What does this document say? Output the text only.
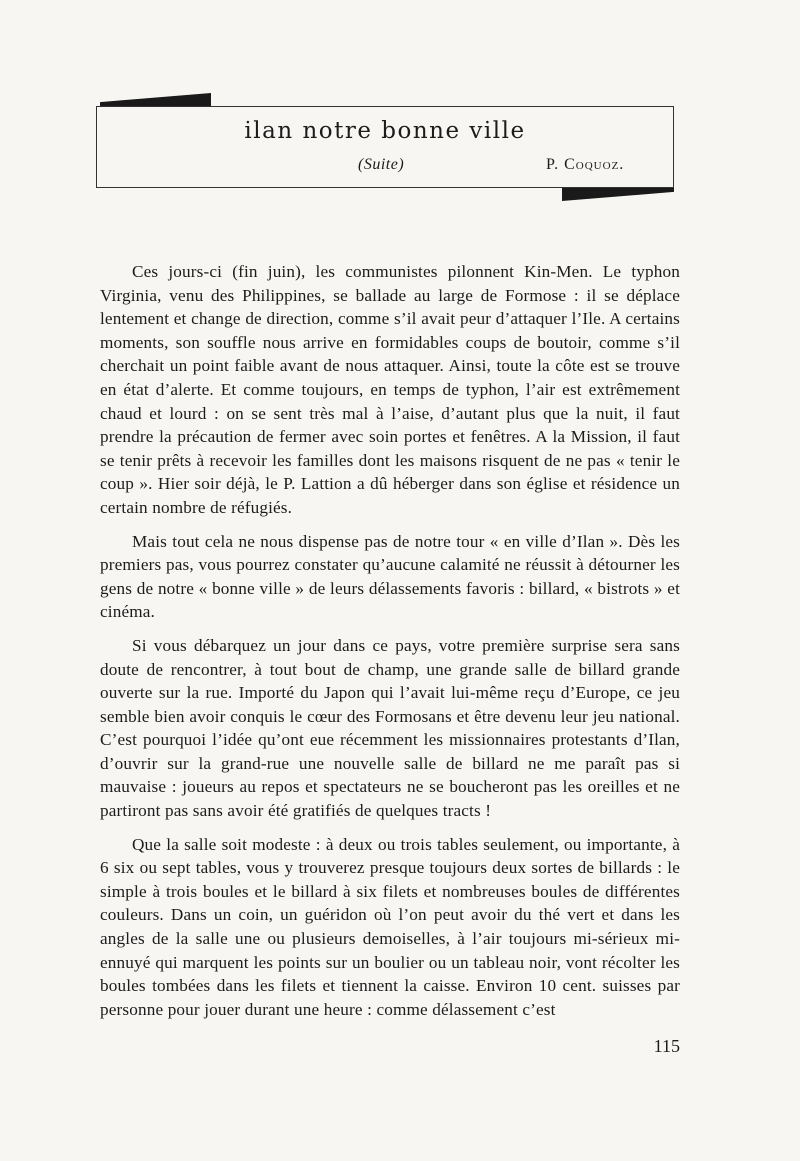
ilan notre bonne ville
(Suite)	P. Coquoz.

Ces jours-ci (fin juin), les communistes pilonnent Kin-Men. Le typhon Virginia, venu des Philippines, se ballade au large de Formose : il se déplace lentement et change de direction, comme s’il avait peur d’attaquer l’Ile. A certains moments, son souffle nous arrive en formidables coups de boutoir, comme s’il cherchait un point faible avant de nous attaquer. Ainsi, toute la côte est se trouve en état d’alerte. Et comme toujours, en temps de typhon, l’air est extrêmement chaud et lourd : on se sent très mal à l’aise, d’autant plus que la nuit, il faut prendre la précaution de fermer avec soin portes et fenêtres. A la Mission, il faut se tenir prêts à recevoir les familles dont les maisons risquent de ne pas « tenir le coup ». Hier soir déjà, le P. Lattion a dû héberger dans son église et résidence un certain nombre de réfugiés.

Mais tout cela ne nous dispense pas de notre tour « en ville d’Ilan ». Dès les premiers pas, vous pourrez constater qu’aucune calamité ne réussit à détourner les gens de notre « bonne ville » de leurs délassements favoris : billard, « bistrots » et cinéma.

Si vous débarquez un jour dans ce pays, votre première surprise sera sans doute de rencontrer, à tout bout de champ, une grande salle de billard grande ouverte sur la rue. Importé du Japon qui l’avait lui-même reçu d’Europe, ce jeu semble bien avoir conquis le cœur des Formosans et être devenu leur jeu national. C’est pourquoi l’idée qu’ont eue récemment les missionnaires protestants d’Ilan, d’ouvrir sur la grand-rue une nouvelle salle de billard ne me paraît pas si mauvaise : joueurs au repos et spectateurs ne se boucheront pas les oreilles et ne partiront pas sans avoir été gratifiés de quelques tracts !

Que la salle soit modeste : à deux ou trois tables seulement, ou importante, à 6 six ou sept tables, vous y trouverez presque toujours deux sortes de billards : le simple à trois boules et le billard à six filets et nombreuses boules de différentes couleurs. Dans un coin, un guéridon où l’on peut avoir du thé vert et dans les angles de la salle une ou plusieurs demoiselles, à l’air toujours mi-sérieux mi-ennuyé qui marquent les points sur un boulier ou un tableau noir, vont récolter les boules tombées dans les filets et tiennent la caisse. Environ 10 cent. suisses par personne pour jouer durant une heure : comme délassement c’est

115
